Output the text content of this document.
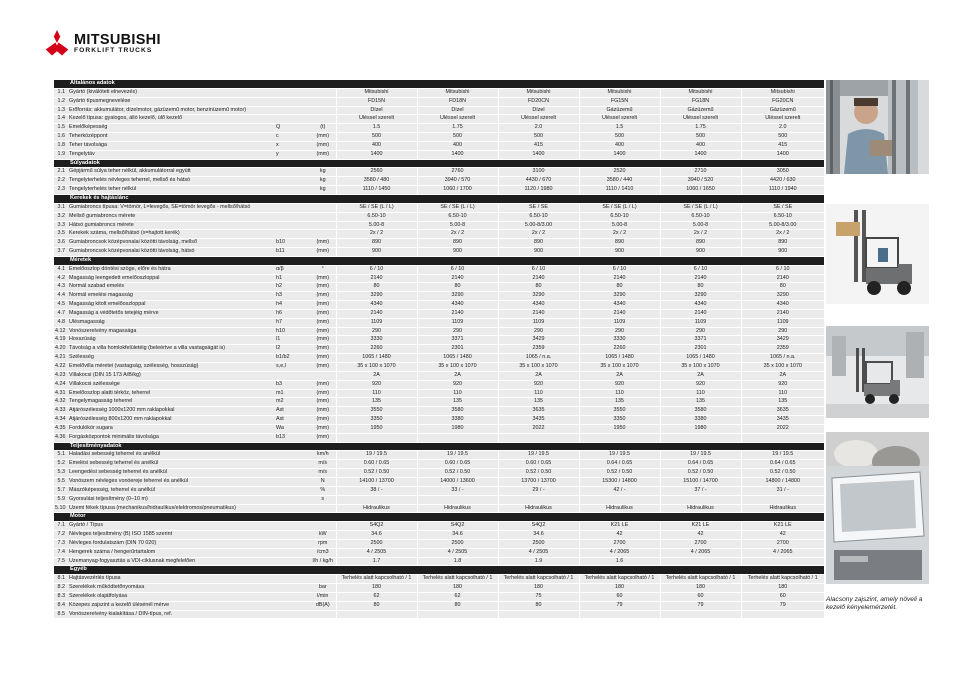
MITSUBISHI
FORKLIFT TRUCKS
Általános adatok									
1.1	Gyártó (kiválóteti elnevezés)			Mitsubishi	Mitsubishi	Mitsubishi	Mitsubishi	Mitsubishi	Mitsubishi
1.2	Gyártó típusmegnevelése			FD15N	FD18N	FD20CN	FG15N	FG18N	FG20CN
1.3	Erőforrás: akkumulátor, dízelmotor, gázüzemű motor, benzinüzemű motor)			Dízel	Dízel	Dízel	Gázüzemű	Gázüzemű	Gázüzemű
1.4	Kezelő típusa: gyalogos, álló kezelő, ülő kezelő			Üléssel szerelt	Üléssel szerelt	Üléssel szerelt	Üléssel szerelt	Üléssel szerelt	Üléssel szerelt
1.5	Emelőképesség	Q	(t)	1.5	1.75	2.0	1.5	1.75	2.0
1.6	Teherközéppont	c	(mm)	500	500	500	500	500	500
1.8	Teher távolsága	x	(mm)	400	400	415	400	400	415
1.9	Tengelytáv	y	(mm)	1400	1400	1400	1400	1400	1400
Súlyadatok									
2.1	Gépjármű súlya teher nélkül, akkumulátorral együtt		kg	2560	2760	3100	2520	2710	3050
2.2	Tengelyterhelés névleges teherrel, mellső és hátsó		kg	3580 / 480	3940 / 570	4430 / 670	3580 / 440	3940 / 520	4420 / 630
2.3	Tengelyterhelés teher nélkül		kg	1110 / 1450	1060 / 1700	1120 / 1980	1110 / 1410	1060 / 1650	1110 / 1940
Kerekek és hajtáslánc									
3.1	Gumiabroncs típusa: V=tömör, L=levegős, SE=tömör levegős - mellső/hátsó			SE / SE (L / L)	SE / SE (L / L)	SE / SE	SE / SE (L / L)	SE / SE (L / L)	SE / SE
3.2	Mellső gumiabroncs mérete			6.50-10	6.50-10	6.50-10	6.50-10	6.50-10	6.50-10
3.3	Hátsó gumiabroncs mérete			5.00-8	5.00-8	5.00-8/3.00	5.00-8	5.00-8	5.00-8/3.00
3.5	Kerekek száma, mellső/hátsó (x=hajtott kerék)			2x / 2	2x / 2	2x / 2	2x / 2	2x / 2	2x / 2
3.6	Gumiabroncsok középvonalai közötti távolság, mellső	b10	(mm)	890	890	890	890	890	890
3.7	Gumiabroncsok középvonalai közötti távolság, hátsó	b11	(mm)	900	900	900	900	900	900
Méretek									
4.1	Emelőoszlop döntési szöge, előre és hátra	α/β	°	6 / 10	6 / 10	6 / 10	6 / 10	6 / 10	6 / 10
4.2	Magasság leengedett emelőoszloppal	h1	(mm)	2140	2140	2140	2140	2140	2140
4.3	Normál szabad emelés	h2	(mm)	80	80	80	80	80	80
4.4	Normál emelési magasság	h3	(mm)	3290	3290	3290	3290	3290	3290
4.5	Magasság kitolt emelőoszloppal	h4	(mm)	4340	4340	4340	4340	4340	4340
4.7	Magasság a védőtetős tetejéig mérve	h6	(mm)	2140	2140	2140	2140	2140	2140
4.8	Ülésmagasság	h7	(mm)	1109	1109	1109	1109	1109	1109
4.12	Vonószerelvény magassága	h10	(mm)	290	290	290	290	290	290
4.19	Hosszúság	l1	(mm)	3330	3371	3429	3330	3371	3429
4.20	Távolság a villa homlokfelületéig (beleértve a villa vastagságát is)	l2	(mm)	2260	2301	2359	2260	2301	2359
4.21	Szélesség	b1/b2	(mm)	1065 / 1480	1065 / 1480	1065 / n.a.	1065 / 1480	1065 / 1480	1065 / n.a.
4.22	Emelővilla méretei (vastagság, szélesség, hosszúság)	s,e,l	(mm)	35 x 100 x 1070	35 x 100 x 1070	35 x 100 x 1070	35 x 100 x 1070	35 x 100 x 1070	35 x 100 x 1070
4.23	Villakocsi (DIN 15 173 A/B/kg)			2A	2A	2A	2A	2A	2A
4.24	Villakocsi szélessége	b3	(mm)	920	920	920	920	920	920
4.31	Emelőoszlop alatti térköz, teherrel	m1	(mm)	110	110	110	110	110	110
4.32	Tengelymagasság teherrel	m2	(mm)	135	135	135	135	135	135
4.33	Átjárószélesség 1000x1200 mm raklapokkal	Ast	(mm)	3550	3580	3635	3550	3580	3635
4.34	Átjárószélesség 800x1200 mm raklapokkal	Ast	(mm)	3350	3380	3435	3350	3380	3435
4.35	Fordulókör sugara	Wa	(mm)	1950	1980	2022	1950	1980	2022
4.36	Forgásközpontok minimális távolsága	b13	(mm)						
Teljesítményadatok									
5.1	Haladási sebesség teherrel és anélkül		km/h	19 / 19.5	19 / 19.5	19 / 19.5	19 / 19.5	19 / 19.5	19 / 19.5
5.2	Emelési sebesség teherrel és anélkül		m/s	0.60 / 0.65	0.60 / 0.65	0.60 / 0.65	0.64 / 0.65	0.64 / 0.65	0.64 / 0.65
5.3	Leengedési sebesség teherrel és anélkül		m/s	0.52 / 0.50	0.52 / 0.50	0.52 / 0.50	0.52 / 0.50	0.52 / 0.50	0.52 / 0.50
5.5	Vonószem névleges vonóereje teherrel és anélkül		N	14100 / 13700	14000 / 13600	13700 / 13700	15300 / 14800	15100 / 14700	14800 / 14800
5.7	Mászóképesség, teherrel és anélkül		%	38 / -	33 / -	29 / -	42 / -	37 / -	31 / -
5.9	Gyorsulási teljesítmény (0–10 m)		s						
5.10	Üzemi fékek típusa (mechanikus/hidraulikus/elektromos/pneumatikus)			Hidraulikus	Hidraulikus	Hidraulikus	Hidraulikus	Hidraulikus	Hidraulikus
Motor									
7.1	Gyártó / Típus			S4Q2	S4Q2	S4Q2	K21 LE	K21 LE	K21 LE
7.2	Névleges teljesítmény (B) ISO 1585 szerint		kW	34.6	34.6	34.6	42	42	42
7.3	Névleges fordulatszám (DIN 70 020)		rpm	2500	2500	2500	2700	2700	2700
7.4	Hengerek száma / hengerűrtartalom		/cm3	4 / 2505	4 / 2505	4 / 2505	4 / 2065	4 / 2065	4 / 2065
7.5	Üzemanyag-fogyasztás a VDI-ciklusnak megfelelően		l/h / kg/h	1.7	1.8	1.9	1.6		
Egyéb									
8.1	Hajtásvezérlés típusa			Terhelés alatt kapcsolható / 1	Terhelés alatt kapcsolható / 1	Terhelés alatt kapcsolható / 1	Terhelés alatt kapcsolható / 1	Terhelés alatt kapcsolható / 1	Terhelés alatt kapcsolható / 1
8.2	Szerelékek működtetőnyomása		bar	180	180	180	180	180	180
8.3	Szerelékek olajátfolyása		l/min	62	62	75	60	60	60
8.4	Közepes zajszint a kezelő ülésénél mérve		dB(A)	80	80	80	79	79	79
8.5	Vonószerelvény kialakítása / DIN-típus, ref.								
Alacsony zajszint, amely növeli a kezelő kényelemérzetét.
